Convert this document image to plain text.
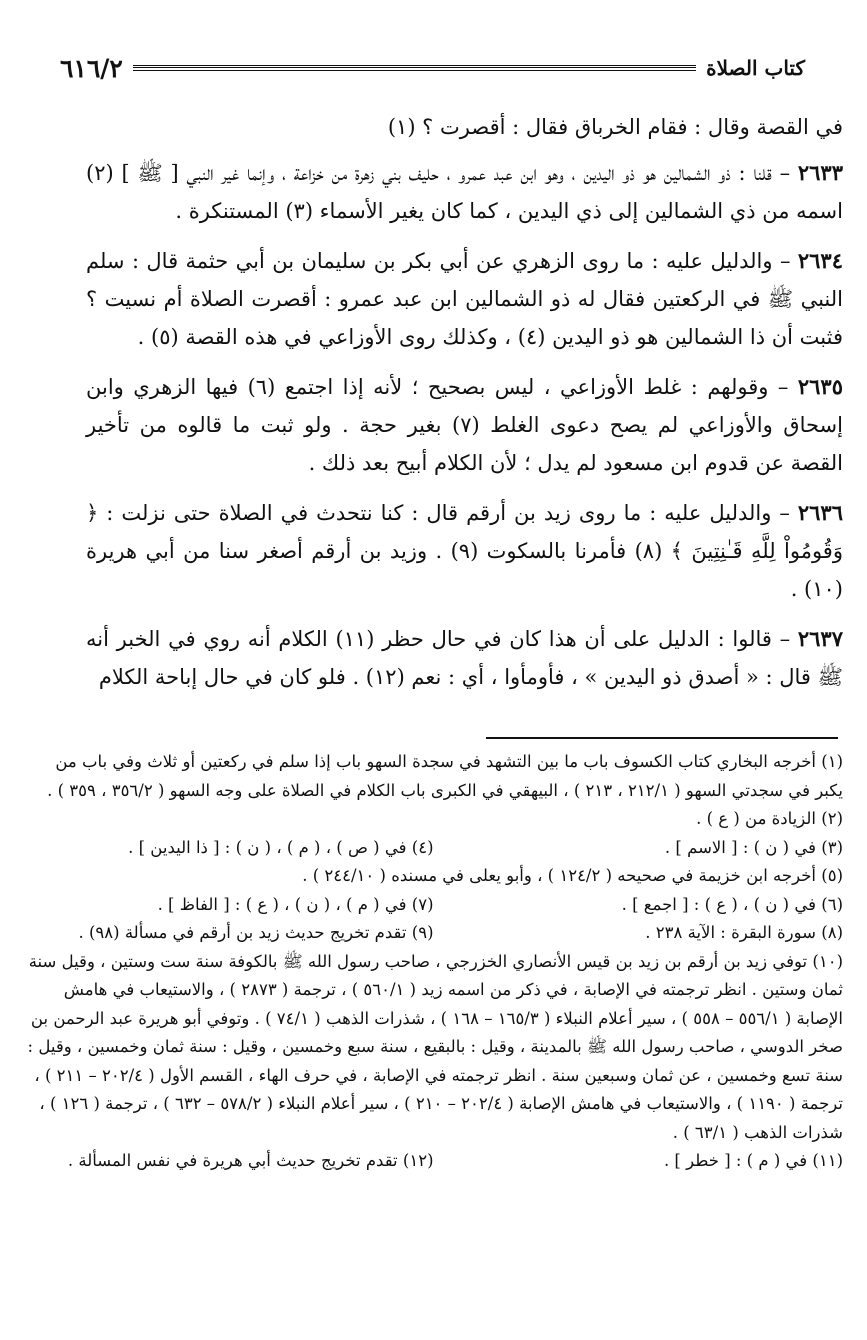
كتاب الصلاة
٦١٦/٢

في القصة وقال : فقام الخرباق فقال : أقصرت ؟ (١)

٢٦٣٣ – قلنا : ذو الشمالين هو ذو اليدين ، وهو ابن عبد عمرو ، حليف بني زهرة من خزاعة ، وإنما غير النبي [ ﷺ ] (٢) اسمه من ذي الشمالين إلى ذي اليدين ، كما كان يغير الأسماء (٣) المستنكرة .

٢٦٣٤ – والدليل عليه : ما روى الزهري عن أبي بكر بن سليمان بن أبي حثمة قال : سلم النبي ﷺ في الركعتين فقال له ذو الشمالين ابن عبد عمرو : أقصرت الصلاة أم نسيت ؟ فثبت أن ذا الشمالين هو ذو اليدين (٤) ، وكذلك روى الأوزاعي في هذه القصة (٥) .

٢٦٣٥ – وقولهم : غلط الأوزاعي ، ليس بصحيح ؛ لأنه إذا اجتمع (٦) فيها الزهري وابن إسحاق والأوزاعي لم يصح دعوى الغلط (٧) بغير حجة . ولو ثبت ما قالوه من تأخير القصة عن قدوم ابن مسعود لم يدل ؛ لأن الكلام أبيح بعد ذلك .

٢٦٣٦ – والدليل عليه : ما روى زيد بن أرقم قال : كنا نتحدث في الصلاة حتى نزلت : ﴿ وَقُومُواْ لِلَّهِ قَـٰنِتِينَ ﴾ (٨) فأمرنا بالسكوت (٩) . وزيد بن أرقم أصغر سنا من أبي هريرة (١٠) .

٢٦٣٧ – قالوا : الدليل على أن هذا كان في حال حظر (١١) الكلام أنه روي في الخبر أنه ﷺ قال : « أصدق ذو اليدين » ، فأومأوا ، أي : نعم (١٢) . فلو كان في حال إباحة الكلام

(١) أخرجه البخاري كتاب الكسوف باب ما بين التشهد في سجدة السهو باب إذا سلم في ركعتين أو ثلاث وفي باب من يكبر في سجدتي السهو ( ٢١٢/١ ، ٢١٣ ) ، البيهقي في الكبرى باب الكلام في الصلاة على وجه السهو ( ٣٥٦/٢ ، ٣٥٩ ) .

(٢) الزيادة من ( ع ) .

(٣) في ( ن ) : [ الاسم ] .

(٤) في ( ص ) ، ( م ) ، ( ن ) : [ ذا اليدين ] .

(٥) أخرجه ابن خزيمة في صحيحه ( ١٢٤/٢ ) ، وأبو يعلى في مسنده ( ٢٤٤/١٠ ) .

(٦) في ( ن ) ، ( ع ) : [ اجمع ] .

(٧) في ( م ) ، ( ن ) ، ( ع ) : [ الفاظ ] .

(٨) سورة البقرة : الآية ٢٣٨ .

(٩) تقدم تخريج حديث زيد بن أرقم في مسألة (٩٨) .

(١٠) توفي زيد بن أرقم بن زيد بن قيس الأنصاري الخزرجي ، صاحب رسول الله ﷺ بالكوفة سنة ست وستين ، وقيل سنة ثمان وستين . انظر ترجمته في الإصابة ، في ذكر من اسمه زيد ( ٥٦٠/١ ) ، ترجمة ( ٢٨٧٣ ) ، والاستيعاب في هامش الإصابة ( ٥٥٦/١ – ٥٥٨ ) ، سير أعلام النبلاء ( ١٦٥/٣ – ١٦٨ ) ، شذرات الذهب ( ٧٤/١ ) . وتوفي أبو هريرة عبد الرحمن بن صخر الدوسي ، صاحب رسول الله ﷺ بالمدينة ، وقيل : بالبقيع ، سنة سبع وخمسين ، وقيل : سنة ثمان وخمسين ، وقيل : سنة تسع وخمسين ، عن ثمان وسبعين سنة . انظر ترجمته في الإصابة ، في حرف الهاء ، القسم الأول ( ٢٠٢/٤ – ٢١١ ) ، ترجمة ( ١١٩٠ ) ، والاستيعاب في هامش الإصابة ( ٢٠٢/٤ – ٢١٠ ) ، سير أعلام النبلاء ( ٥٧٨/٢ – ٦٣٢ ) ، ترجمة ( ١٢٦ ) ، شذرات الذهب ( ٦٣/١ ) .

(١١) في ( م ) : [ خطر ] .

(١٢) تقدم تخريج حديث أبي هريرة في نفس المسألة .
